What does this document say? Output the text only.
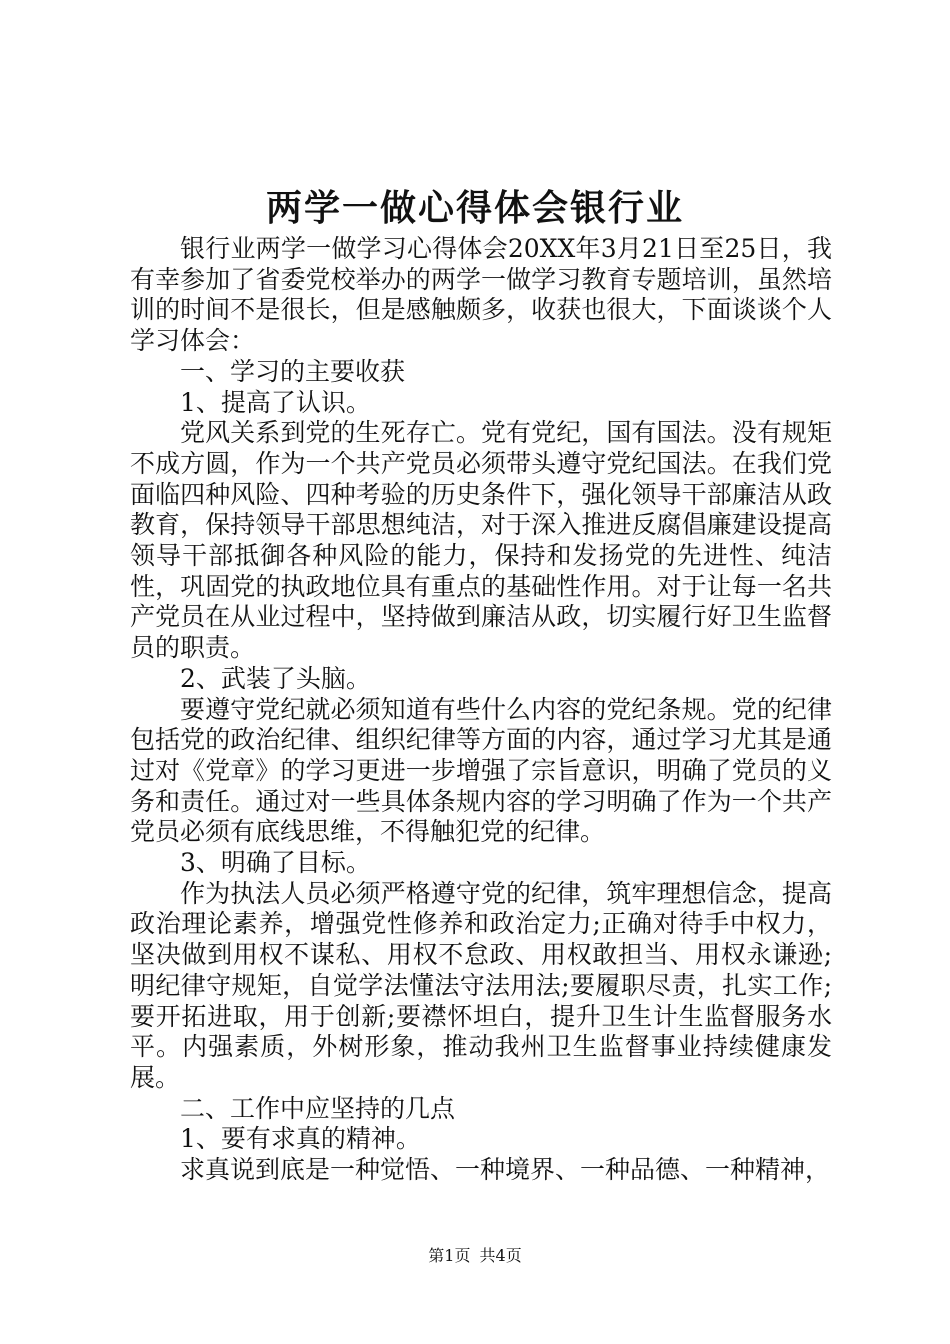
两学一做心得体会银行业

银行业两学一做学习心得体会20XX年3月21日至25日，我有幸参加了省委党校举办的两学一做学习教育专题培训，虽然培训的时间不是很长，但是感触颇多，收获也很大，下面谈谈个人学习体会：

一、学习的主要收获

1、提高了认识。

党风关系到党的生死存亡。党有党纪，国有国法。没有规矩不成方圆，作为一个共产党员必须带头遵守党纪国法。在我们党面临四种风险、四种考验的历史条件下，强化领导干部廉洁从政教育，保持领导干部思想纯洁，对于深入推进反腐倡廉建设提高领导干部抵御各种风险的能力，保持和发扬党的先进性、纯洁性，巩固党的执政地位具有重点的基础性作用。对于让每一名共产党员在从业过程中，坚持做到廉洁从政，切实履行好卫生监督员的职责。

2、武装了头脑。

要遵守党纪就必须知道有些什么内容的党纪条规。党的纪律包括党的政治纪律、组织纪律等方面的内容，通过学习尤其是通过对《党章》的学习更进一步增强了宗旨意识，明确了党员的义务和责任。通过对一些具体条规内容的学习明确了作为一个共产党员必须有底线思维，不得触犯党的纪律。

3、明确了目标。

作为执法人员必须严格遵守党的纪律，筑牢理想信念，提高政治理论素养，增强党性修养和政治定力;正确对待手中权力，坚决做到用权不谋私、用权不怠政、用权敢担当、用权永谦逊;明纪律守规矩，自觉学法懂法守法用法;要履职尽责，扎实工作;要开拓进取，用于创新;要襟怀坦白，提升卫生计生监督服务水平。内强素质，外树形象，推动我州卫生监督事业持续健康发展。

二、工作中应坚持的几点

1、要有求真的精神。

求真说到底是一种觉悟、一种境界、一种品德、一种精神，

第1页 共4页
